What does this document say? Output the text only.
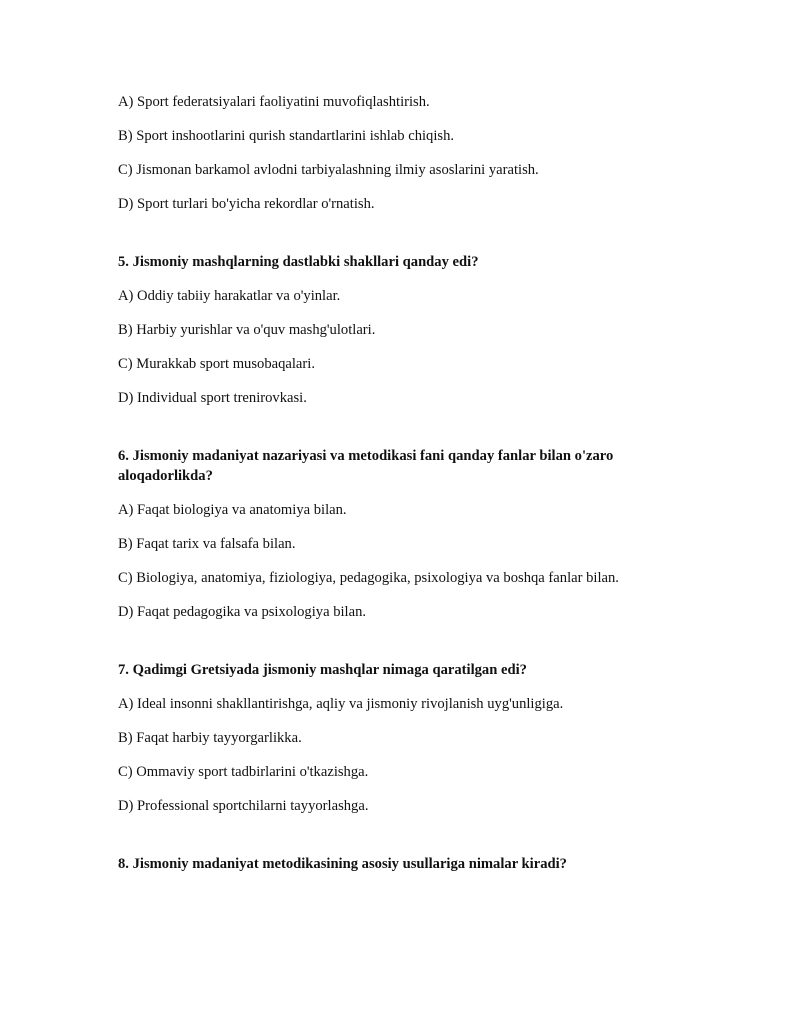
A) Sport federatsiyalari faoliyatini muvofiqlashtirish.

B) Sport inshootlarini qurish standartlarini ishlab chiqish.

C) Jismonan barkamol avlodni tarbiyalashning ilmiy asoslarini yaratish.

D) Sport turlari bo'yicha rekordlar o'rnatish.

5. Jismoniy mashqlarning dastlabki shakllari qanday edi?

A) Oddiy tabiiy harakatlar va o'yinlar.

B) Harbiy yurishlar va o'quv mashg'ulotlari.

C) Murakkab sport musobaqalari.

D) Individual sport trenirovkasi.

6. Jismoniy madaniyat nazariyasi va metodikasi fani qanday fanlar bilan o'zaro aloqadorlikda?

A) Faqat biologiya va anatomiya bilan.

B) Faqat tarix va falsafa bilan.

C) Biologiya, anatomiya, fiziologiya, pedagogika, psixologiya va boshqa fanlar bilan.

D) Faqat pedagogika va psixologiya bilan.

7. Qadimgi Gretsiyada jismoniy mashqlar nimaga qaratilgan edi?

A) Ideal insonni shakllantirishga, aqliy va jismoniy rivojlanish uyg'unligiga.

B) Faqat harbiy tayyorgarlikka.

C) Ommaviy sport tadbirlarini o'tkazishga.

D) Professional sportchilarni tayyorlashga.

8. Jismoniy madaniyat metodikasining asosiy usullariga nimalar kiradi?
